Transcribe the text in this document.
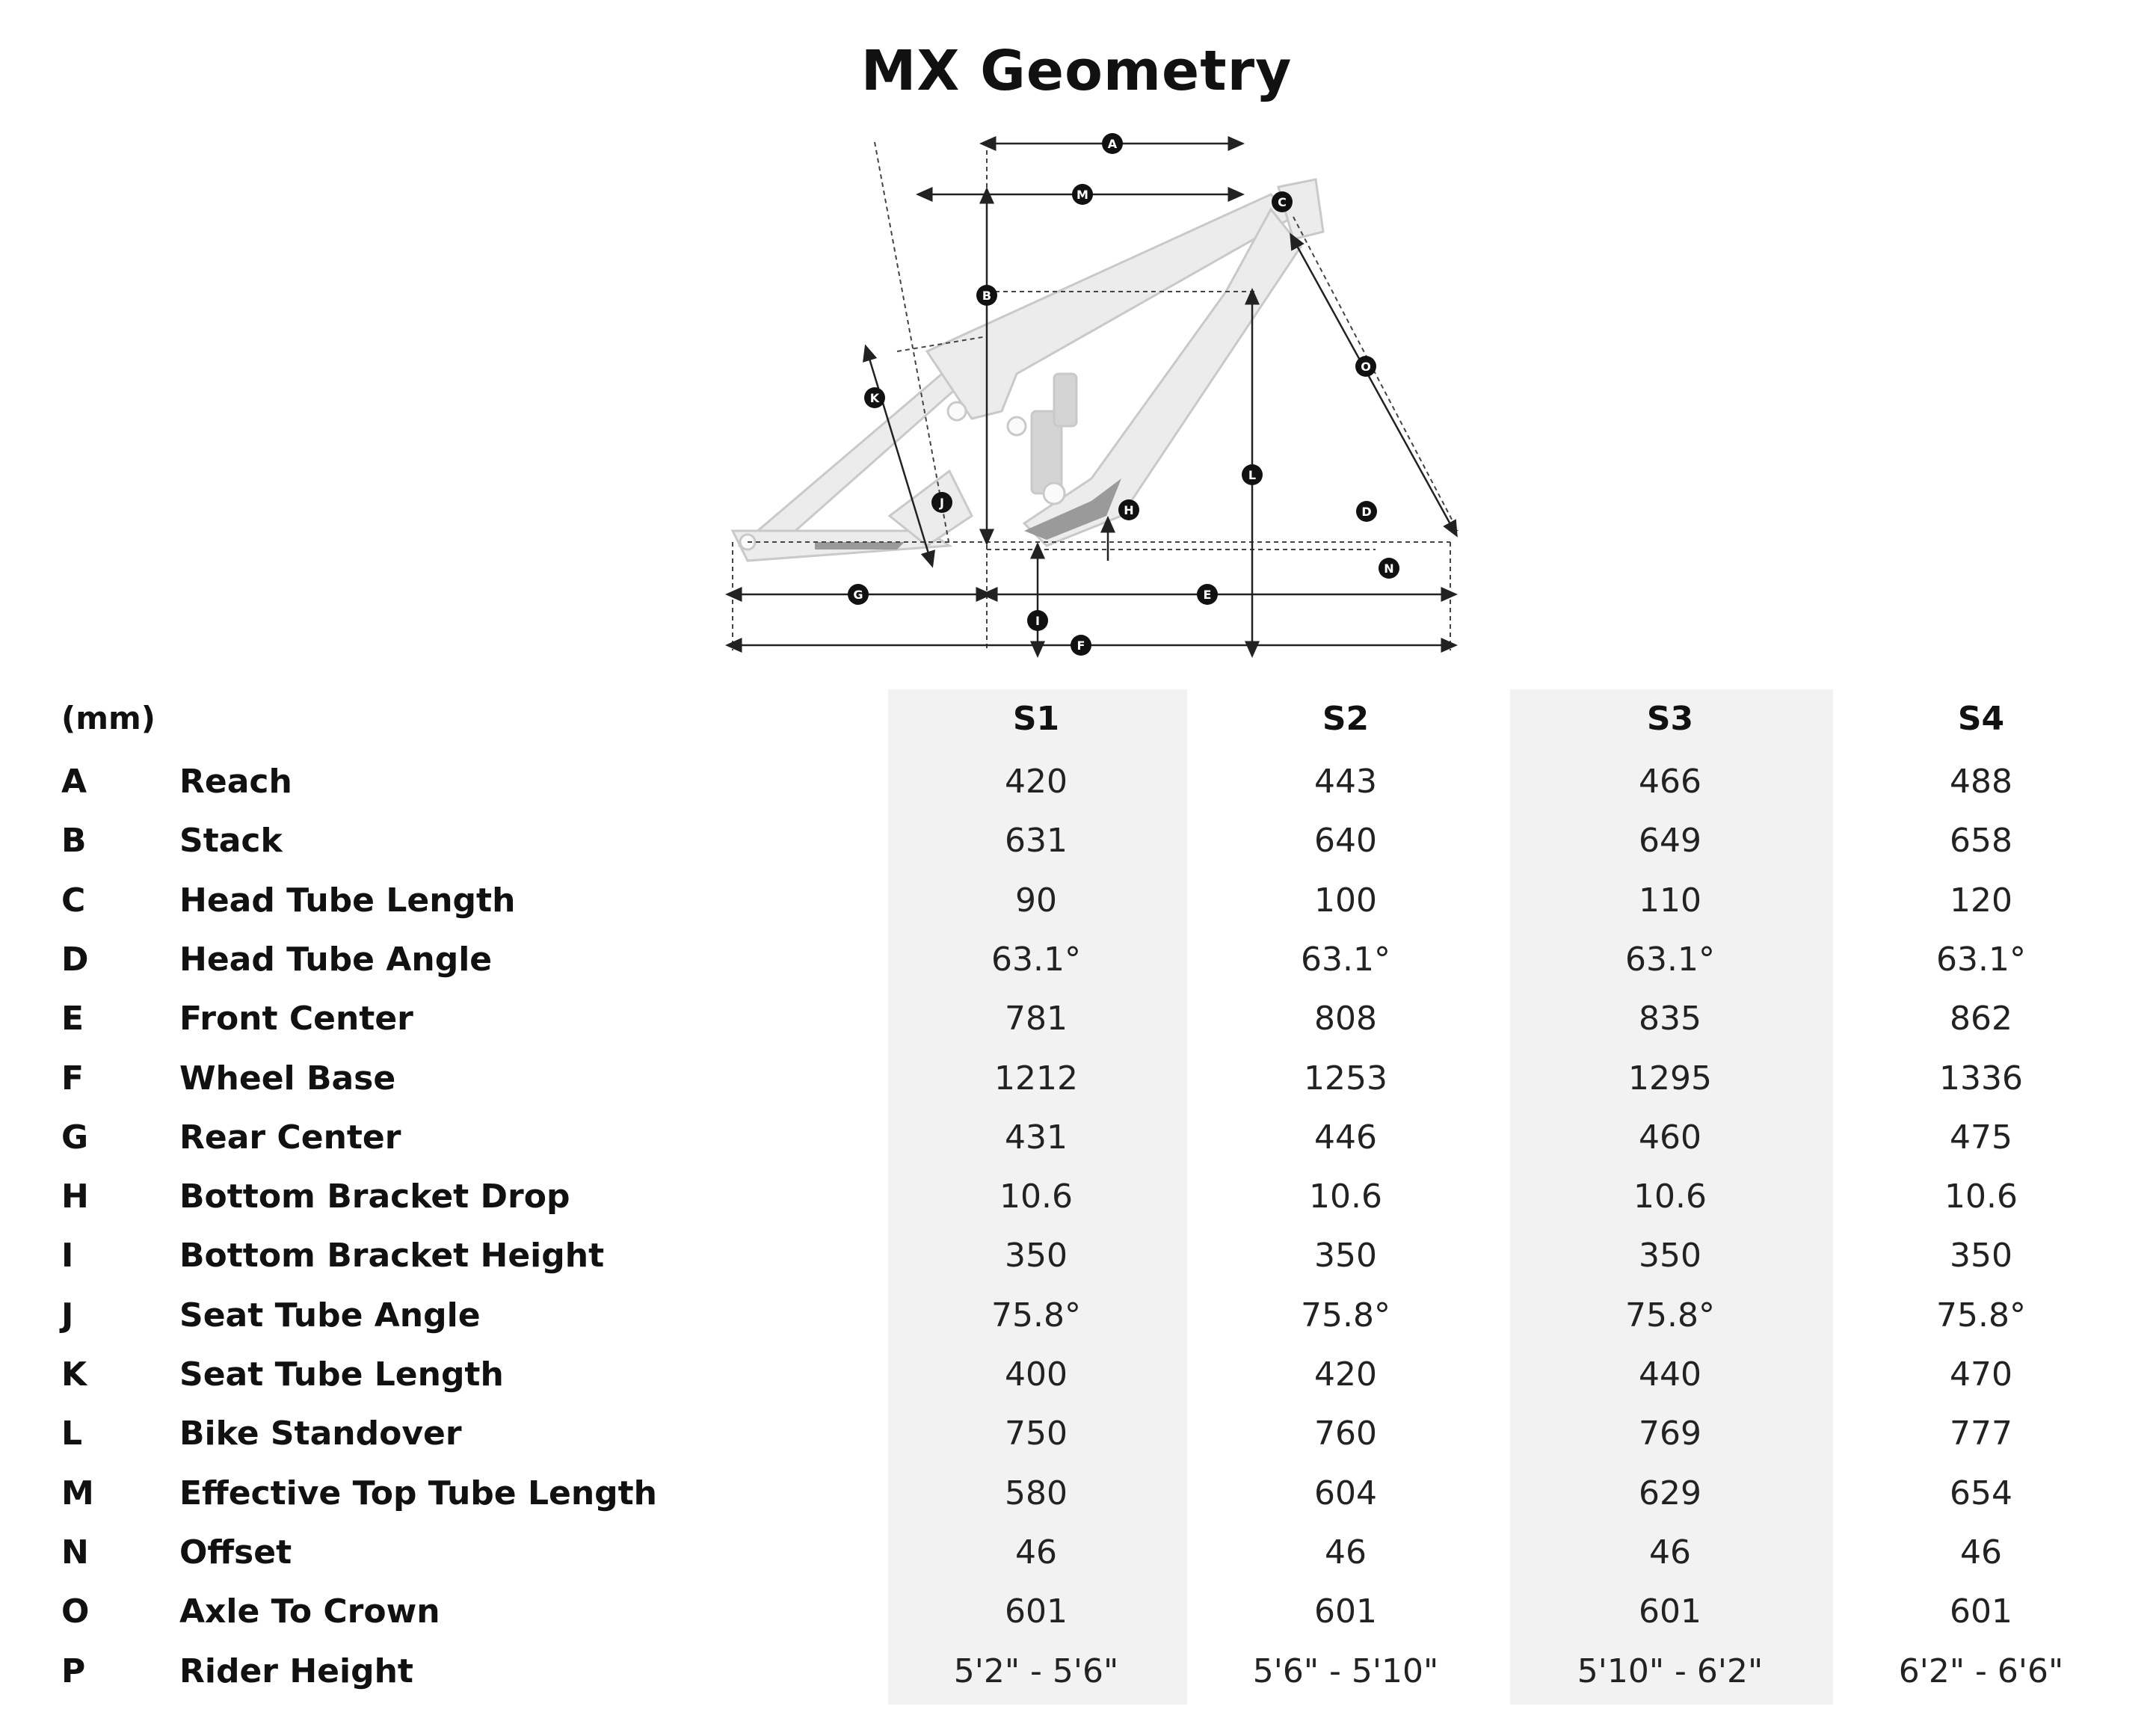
MX Geometry
A
M
C
B
O
K
J
H
L
D
N
G	E
I
F
(mm)	S1	S2	S3	S4
A	Reach	420	443	466	488
B	Stack	631	640	649	658
C	Head Tube Length	90	100	110	120
D	Head Tube Angle	63.1°	63.1°	63.1°	63.1°
E	Front Center	781	808	835	862
F	Wheel Base	1212	1253	1295	1336
G	Rear Center	431	446	460	475
H	Bottom Bracket Drop	10.6	10.6	10.6	10.6
I	Bottom Bracket Height	350	350	350	350
J	Seat Tube Angle	75.8°	75.8°	75.8°	75.8°
K	Seat Tube Length	400	420	440	470
L	Bike Standover	750	760	769	777
M	Effective Top Tube Length	580	604	629	654
N	Offset	46	46	46	46
O	Axle To Crown	601	601	601	601
P	Rider Height	5'2" - 5'6"	5'6" - 5'10"	5'10" - 6'2"	6'2" - 6'6"
